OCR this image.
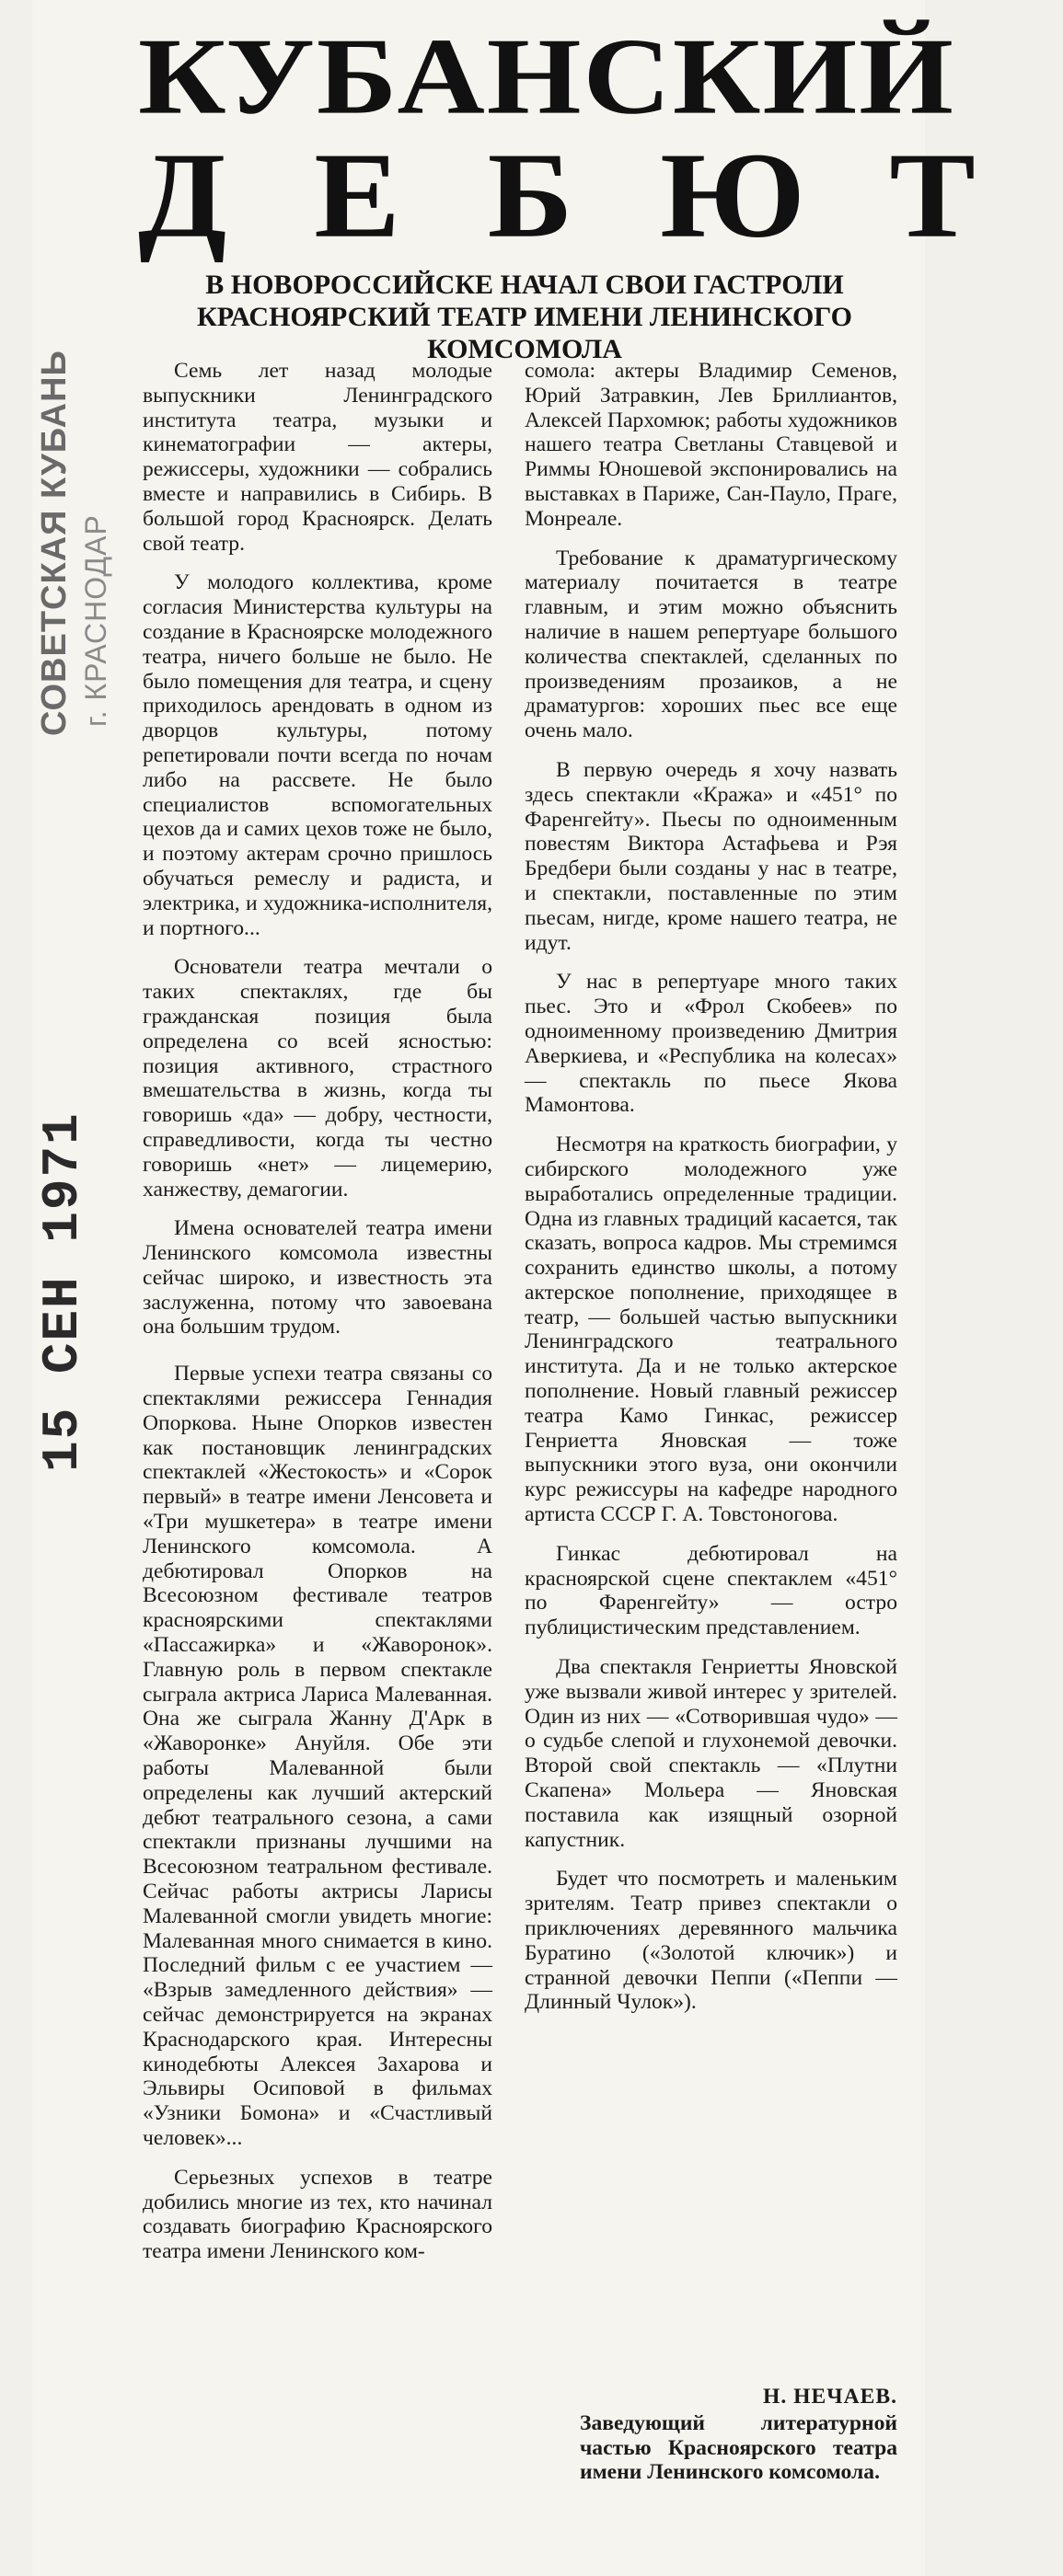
КУБАНСКИЙ
ДЕБЮТ
В НОВОРОССИЙСКЕ НАЧАЛ СВОИ ГАСТРОЛИ КРАСНОЯРСКИЙ ТЕАТР ИМЕНИ ЛЕНИНСКОГО КОМСОМОЛА
СОВЕТСКАЯ КУБАНЬ г. КРАСНОДАР
15 СЕН 1971

Семь лет назад молодые выпускники Ленинградского института театра, музыки и кинематографии — актеры, режиссеры, художники — собрались вместе и направились в Сибирь. В большой город Красноярск. Делать свой театр.

У молодого коллектива, кроме согласия Министерства культуры на создание в Красноярске молодежного театра, ничего больше не было. Не было помещения для театра, и сцену приходилось арендовать в одном из дворцов культуры, потому репетировали почти всегда по ночам либо на рассвете. Не было специалистов вспомогательных цехов да и самих цехов тоже не было, и поэтому актерам срочно пришлось обучаться ремеслу и радиста, и электрика, и художника-исполнителя, и портного...

Основатели театра мечтали о таких спектаклях, где бы гражданская позиция была определена со всей ясностью: позиция активного, страстного вмешательства в жизнь, когда ты говоришь «да» — добру, честности, справедливости, когда ты честно говоришь «нет» — лицемерию, ханжеству, демагогии.

Имена основателей театра имени Ленинского комсомола известны сейчас широко, и известность эта заслуженна, потому что завоевана она большим трудом.

Первые успехи театра связаны со спектаклями режиссера Геннадия Опоркова. Ныне Опорков известен как постановщик ленинградских спектаклей «Жестокость» и «Сорок первый» в театре имени Ленсовета и «Три мушкетера» в театре имени Ленинского комсомола. А дебютировал Опорков на Всесоюзном фестивале театров красноярскими спектаклями «Пассажирка» и «Жаворонок». Главную роль в первом спектакле сыграла актриса Лариса Малеванная. Она же сыграла Жанну Д'Арк в «Жаворонке» Ануйля. Обе эти работы Малеванной были определены как лучший актерский дебют театрального сезона, а сами спектакли признаны лучшими на Всесоюзном театральном фестивале. Сейчас работы актрисы Ларисы Малеванной смогли увидеть многие: Малеванная много снимается в кино. Последний фильм с ее участием — «Взрыв замедленного действия» — сейчас демонстрируется на экранах Краснодарского края. Интересны кинодебюты Алексея Захарова и Эльвиры Осиповой в фильмах «Узники Бомона» и «Счастливый человек»...

Серьезных успехов в театре добились многие из тех, кто начинал создавать биографию Красноярского театра имени Ленинского ком-

сомола: актеры Владимир Семенов, Юрий Затравкин, Лев Бриллиантов, Алексей Пархомюк; работы художников нашего театра Светланы Ставцевой и Риммы Юношевой экспонировались на выставках в Париже, Сан-Пауло, Праге, Монреале.

Требование к драматургическому материалу почитается в театре главным, и этим можно объяснить наличие в нашем репертуаре большого количества спектаклей, сделанных по произведениям прозаиков, а не драматургов: хороших пьес все еще очень мало.

В первую очередь я хочу назвать здесь спектакли «Кража» и «451° по Фаренгейту». Пьесы по одноименным повестям Виктора Астафьева и Рэя Бредбери были созданы у нас в театре, и спектакли, поставленные по этим пьесам, нигде, кроме нашего театра, не идут.

У нас в репертуаре много таких пьес. Это и «Фрол Скобеев» по одноименному произведению Дмитрия Аверкиева, и «Республика на колесах» — спектакль по пьесе Якова Мамонтова.

Несмотря на краткость биографии, у сибирского молодежного уже выработались определенные традиции. Одна из главных традиций касается, так сказать, вопроса кадров. Мы стремимся сохранить единство школы, а потому актерское пополнение, приходящее в театр, — большей частью выпускники Ленинградского театрального института. Да и не только актерское пополнение. Новый главный режиссер театра Камо Гинкас, режиссер Генриетта Яновская — тоже выпускники этого вуза, они окончили курс режиссуры на кафедре народного артиста СССР Г. А. Товстоногова.

Гинкас дебютировал на красноярской сцене спектаклем «451° по Фаренгейту» — остро публицистическим представлением.

Два спектакля Генриетты Яновской уже вызвали живой интерес у зрителей. Один из них — «Сотворившая чудо» — о судьбе слепой и глухонемой девочки. Второй свой спектакль — «Плутни Скапена» Мольера — Яновская поставила как изящный озорной капустник.

Будет что посмотреть и маленьким зрителям. Театр привез спектакли о приключениях деревянного мальчика Буратино («Золотой ключик») и странной девочки Пеппи («Пеппи — Длинный Чулок»).

Н. НЕЧАЕВ.
Заведующий литературной частью Красноярского театра имени Ленинского комсомола.
